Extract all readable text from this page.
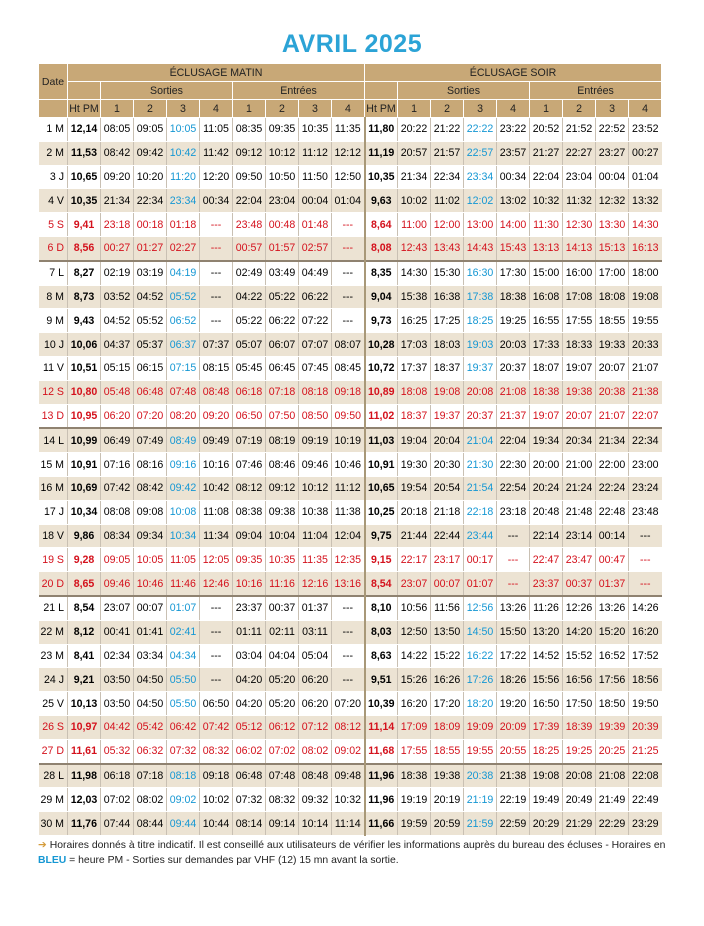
AVRIL 2025
Date	ÉCLUSAGE MATIN									ÉCLUSAGE SOIR								
		Sorties				Entrées					Sorties				Entrées			
	Ht PM	1	2	3	4	1	2	3	4	Ht PM	1	2	3	4	1	2	3	4
1 M	12,14	08:05	09:05	10:05	11:05	08:35	09:35	10:35	11:35	11,80	20:22	21:22	22:22	23:22	20:52	21:52	22:52	23:52
2 M	11,53	08:42	09:42	10:42	11:42	09:12	10:12	11:12	12:12	11,19	20:57	21:57	22:57	23:57	21:27	22:27	23:27	00:27
3 J	10,65	09:20	10:20	11:20	12:20	09:50	10:50	11:50	12:50	10,35	21:34	22:34	23:34	00:34	22:04	23:04	00:04	01:04
4 V	10,35	21:34	22:34	23:34	00:34	22:04	23:04	00:04	01:04	9,63	10:02	11:02	12:02	13:02	10:32	11:32	12:32	13:32
5 S	9,41	23:18	00:18	01:18	---	23:48	00:48	01:48	---	8,64	11:00	12:00	13:00	14:00	11:30	12:30	13:30	14:30
6 D	8,56	00:27	01:27	02:27	---	00:57	01:57	02:57	---	8,08	12:43	13:43	14:43	15:43	13:13	14:13	15:13	16:13
7 L	8,27	02:19	03:19	04:19	---	02:49	03:49	04:49	---	8,35	14:30	15:30	16:30	17:30	15:00	16:00	17:00	18:00
8 M	8,73	03:52	04:52	05:52	---	04:22	05:22	06:22	---	9,04	15:38	16:38	17:38	18:38	16:08	17:08	18:08	19:08
9 M	9,43	04:52	05:52	06:52	---	05:22	06:22	07:22	---	9,73	16:25	17:25	18:25	19:25	16:55	17:55	18:55	19:55
10 J	10,06	04:37	05:37	06:37	07:37	05:07	06:07	07:07	08:07	10,28	17:03	18:03	19:03	20:03	17:33	18:33	19:33	20:33
11 V	10,51	05:15	06:15	07:15	08:15	05:45	06:45	07:45	08:45	10,72	17:37	18:37	19:37	20:37	18:07	19:07	20:07	21:07
12 S	10,80	05:48	06:48	07:48	08:48	06:18	07:18	08:18	09:18	10,89	18:08	19:08	20:08	21:08	18:38	19:38	20:38	21:38
13 D	10,95	06:20	07:20	08:20	09:20	06:50	07:50	08:50	09:50	11,02	18:37	19:37	20:37	21:37	19:07	20:07	21:07	22:07
14 L	10,99	06:49	07:49	08:49	09:49	07:19	08:19	09:19	10:19	11,03	19:04	20:04	21:04	22:04	19:34	20:34	21:34	22:34
15 M	10,91	07:16	08:16	09:16	10:16	07:46	08:46	09:46	10:46	10,91	19:30	20:30	21:30	22:30	20:00	21:00	22:00	23:00
16 M	10,69	07:42	08:42	09:42	10:42	08:12	09:12	10:12	11:12	10,65	19:54	20:54	21:54	22:54	20:24	21:24	22:24	23:24
17 J	10,34	08:08	09:08	10:08	11:08	08:38	09:38	10:38	11:38	10,25	20:18	21:18	22:18	23:18	20:48	21:48	22:48	23:48
18 V	9,86	08:34	09:34	10:34	11:34	09:04	10:04	11:04	12:04	9,75	21:44	22:44	23:44	---	22:14	23:14	00:14	---
19 S	9,28	09:05	10:05	11:05	12:05	09:35	10:35	11:35	12:35	9,15	22:17	23:17	00:17	---	22:47	23:47	00:47	---
20 D	8,65	09:46	10:46	11:46	12:46	10:16	11:16	12:16	13:16	8,54	23:07	00:07	01:07	---	23:37	00:37	01:37	---
21 L	8,54	23:07	00:07	01:07	---	23:37	00:37	01:37	---	8,10	10:56	11:56	12:56	13:26	11:26	12:26	13:26	14:26
22 M	8,12	00:41	01:41	02:41	---	01:11	02:11	03:11	---	8,03	12:50	13:50	14:50	15:50	13:20	14:20	15:20	16:20
23 M	8,41	02:34	03:34	04:34	---	03:04	04:04	05:04	---	8,63	14:22	15:22	16:22	17:22	14:52	15:52	16:52	17:52
24 J	9,21	03:50	04:50	05:50	---	04:20	05:20	06:20	---	9,51	15:26	16:26	17:26	18:26	15:56	16:56	17:56	18:56
25 V	10,13	03:50	04:50	05:50	06:50	04:20	05:20	06:20	07:20	10,39	16:20	17:20	18:20	19:20	16:50	17:50	18:50	19:50
26 S	10,97	04:42	05:42	06:42	07:42	05:12	06:12	07:12	08:12	11,14	17:09	18:09	19:09	20:09	17:39	18:39	19:39	20:39
27 D	11,61	05:32	06:32	07:32	08:32	06:02	07:02	08:02	09:02	11,68	17:55	18:55	19:55	20:55	18:25	19:25	20:25	21:25
28 L	11,98	06:18	07:18	08:18	09:18	06:48	07:48	08:48	09:48	11,96	18:38	19:38	20:38	21:38	19:08	20:08	21:08	22:08
29 M	12,03	07:02	08:02	09:02	10:02	07:32	08:32	09:32	10:32	11,96	19:19	20:19	21:19	22:19	19:49	20:49	21:49	22:49
30 M	11,76	07:44	08:44	09:44	10:44	08:14	09:14	10:14	11:14	11,66	19:59	20:59	21:59	22:59	20:29	21:29	22:29	23:29
➔ Horaires donnés à titre indicatif. Il est conseillé aux utilisateurs de vérifier les informations auprès du bureau des écluses - Horaires en BLEU = heure PM - Sorties sur demandes par VHF (12) 15 mn avant la sortie.
